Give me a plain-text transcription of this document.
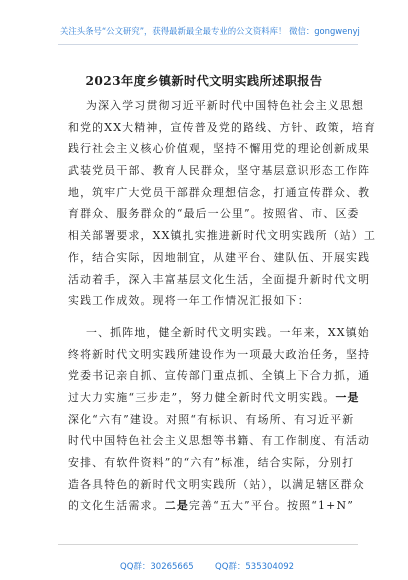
关注头条号“公文研究”，获得最新最全最专业的公文资料库！ 微信：gongwenyj
2023年度乡镇新时代文明实践所述职报告
为深入学习贯彻习近平新时代中国特色社会主义思想
和党的XX大精神，宣传普及党的路线、方针、政策，培育
践行社会主义核心价值观，坚持不懈用党的理论创新成果
武装党员干部、教育人民群众，坚守基层意识形态工作阵
地，筑牢广大党员干部群众理想信念，打通宣传群众、教
育群众、服务群众的“最后一公里”。按照省、市、区委
相关部署要求，XX镇扎实推进新时代文明实践所（站）工
作，结合实际，因地制宜，从建平台、建队伍、开展实践
活动着手，深入丰富基层文化生活，全面提升新时代文明
实践工作成效。现将一年工作情况汇报如下：
一、抓阵地，健全新时代文明实践。一年来，XX镇始
终将新时代文明实践所建设作为一项最大政治任务，坚持
党委书记亲自抓、宣传部门重点抓、全镇上下合力抓，通
过大力实施“三步走”，努力健全新时代文明实践。一是
深化“六有”建设。对照“有标识、有场所、有习近平新
时代中国特色社会主义思想等书籍、有工作制度、有活动
安排、有软件资料”的“六有”标准，结合实际，分别打
造各具特色的新时代文明实践所（站），以满足辖区群众
的文化生活需求。二是完善“五大”平台。按照“1+N”
QQ群：30265665	QQ群：535304092
